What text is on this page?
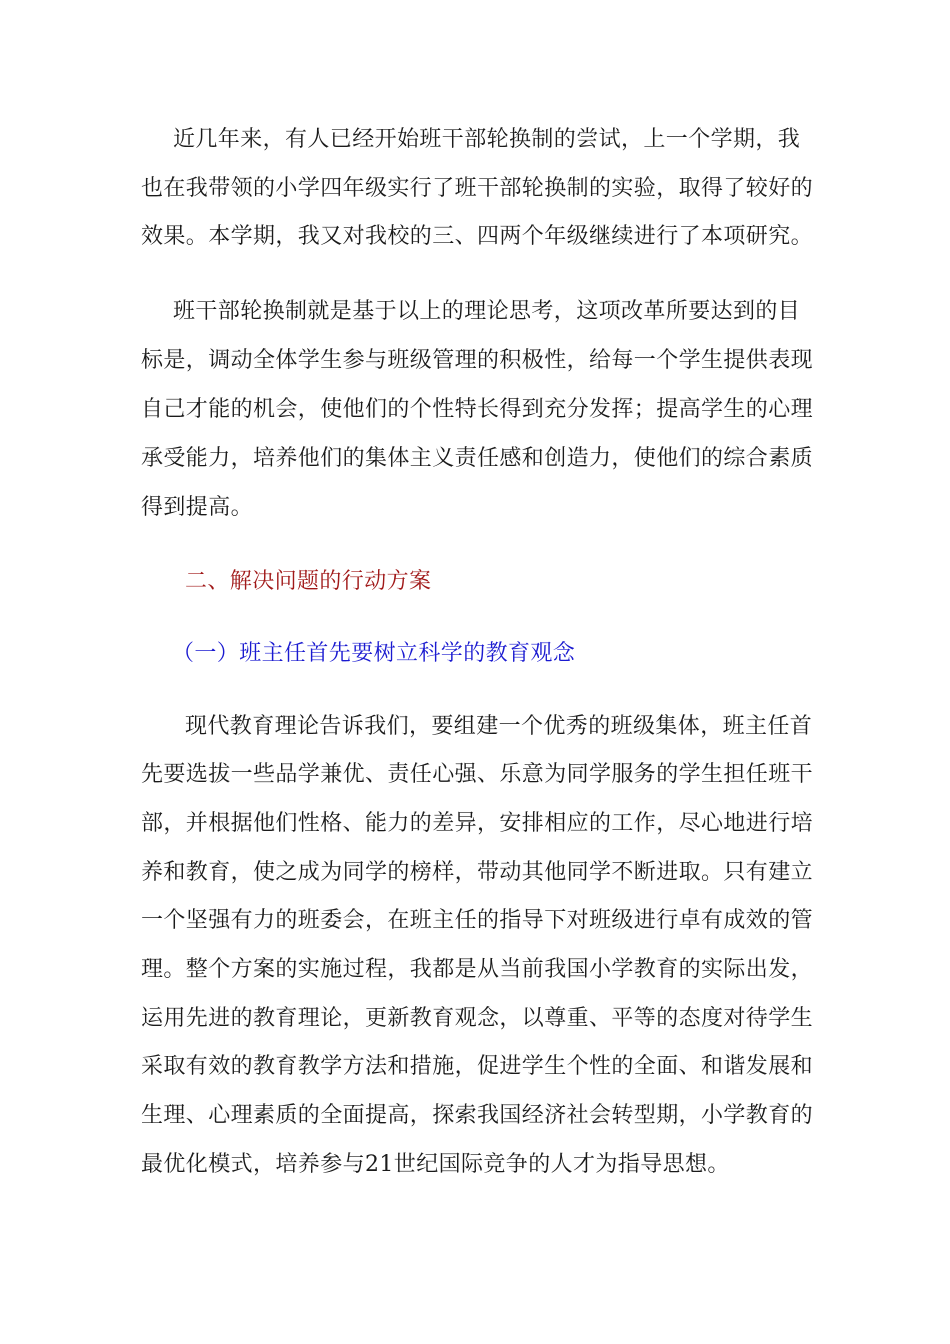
近几年来，有人已经开始班干部轮换制的尝试，上一个学期，我
也在我带领的小学四年级实行了班干部轮换制的实验，取得了较好的
效果。本学期，我又对我校的三、四两个年级继续进行了本项研究。
班干部轮换制就是基于以上的理论思考，这项改革所要达到的目
标是，调动全体学生参与班级管理的积极性，给每一个学生提供表现
自己才能的机会，使他们的个性特长得到充分发挥；提高学生的心理
承受能力，培养他们的集体主义责任感和创造力，使他们的综合素质
得到提高。
二、解决问题的行动方案
（一）班主任首先要树立科学的教育观念
现代教育理论告诉我们，要组建一个优秀的班级集体，班主任首
先要选拔一些品学兼优、责任心强、乐意为同学服务的学生担任班干
部，并根据他们性格、能力的差异，安排相应的工作，尽心地进行培
养和教育，使之成为同学的榜样，带动其他同学不断进取。只有建立
一个坚强有力的班委会，在班主任的指导下对班级进行卓有成效的管
理。整个方案的实施过程，我都是从当前我国小学教育的实际出发，
运用先进的教育理论，更新教育观念，以尊重、平等的态度对待学生
采取有效的教育教学方法和措施，促进学生个性的全面、和谐发展和
生理、心理素质的全面提高，探索我国经济社会转型期，小学教育的
最优化模式，培养参与21世纪国际竞争的人才为指导思想。
